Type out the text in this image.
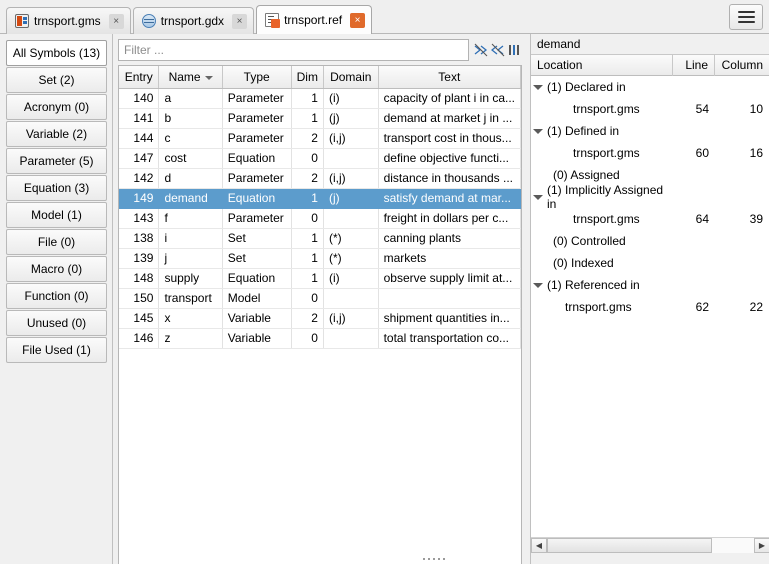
trnsport.gms	×	trnsport.gdx	×	trnsport.ref	×
All Symbols (13)
Set (2)
Acronym (0)
Variable (2)
Parameter (5)
Equation (3)
Model (1)
File (0)
Macro (0)
Function (0)
Unused (0)
File Used (1)
Filter ...
Entry	Name	Type	Dim	Domain	Text
140	a	Parameter	1	(i)	capacity of plant i in ca...
141	b	Parameter	1	(j)	demand at market j in ...
144	c	Parameter	2	(i,j)	transport cost in thous...
147	cost	Equation	0		define objective functi...
142	d	Parameter	2	(i,j)	distance in thousands ...
149	demand	Equation	1	(j)	satisfy demand at mar...
143	f	Parameter	0		freight in dollars per c...
138	i	Set	1	(*)	canning plants
139	j	Set	1	(*)	markets
148	supply	Equation	1	(i)	observe supply limit at...
150	transport	Model	0		
145	x	Variable	2	(i,j)	shipment quantities in...
146	z	Variable	0		total transportation co...
demand
Location	Line	Column
(1) Declared in
trnsport.gms	54	10
(1) Defined in
trnsport.gms	60	16
(0) Assigned
(1) Implicitly Assigned in
trnsport.gms	64	39
(0) Controlled
(0) Indexed
(1) Referenced in
trnsport.gms	62	22
◀	▶
